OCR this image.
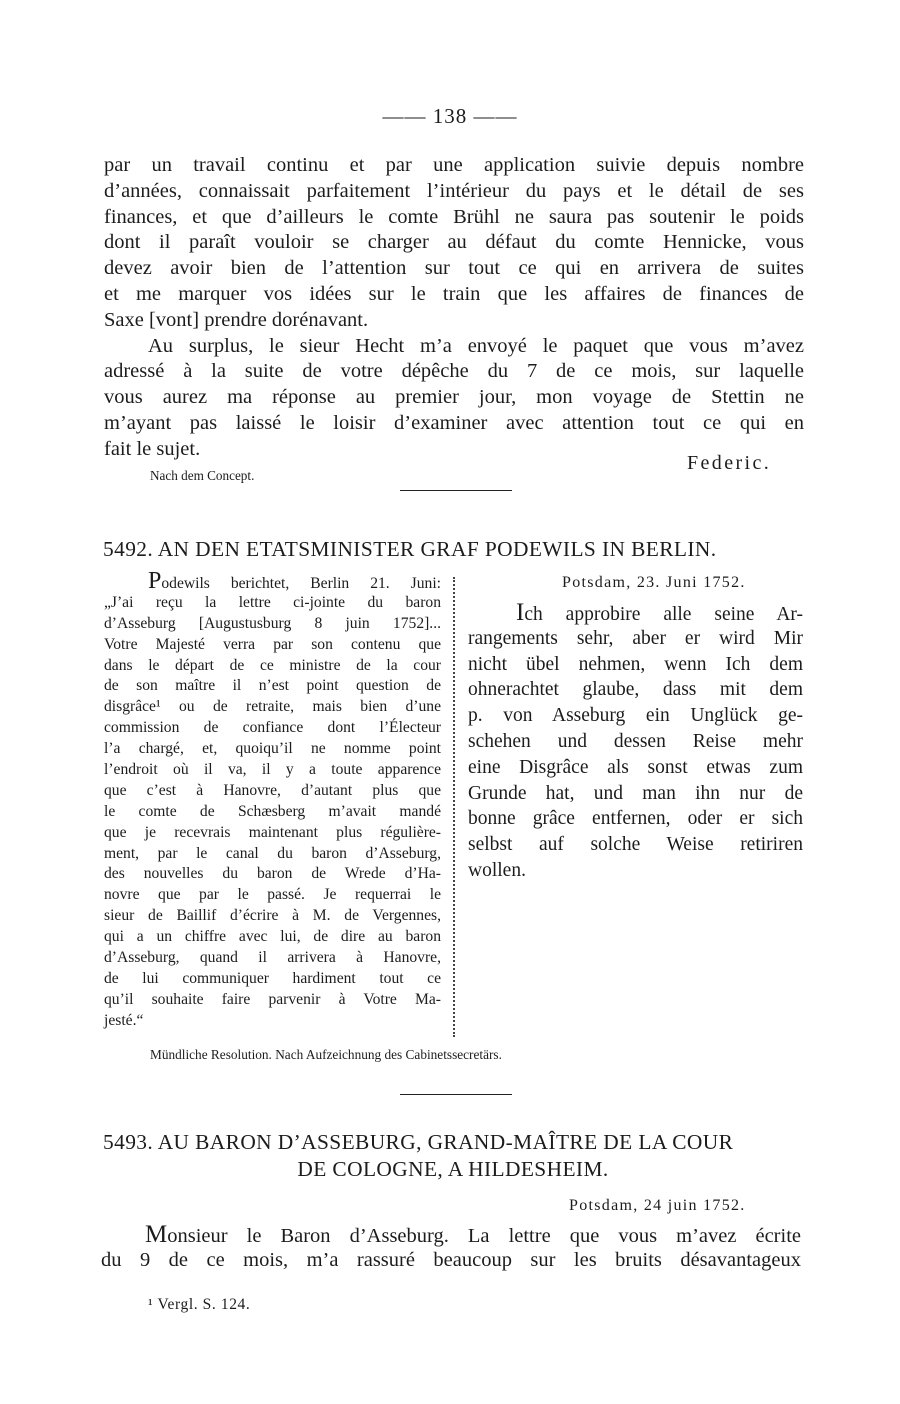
—— 138 ——
par un travail continu et par une application suivie depuis nombre
d’années, connaissait parfaitement l’intérieur du pays et le détail de ses
finances, et que d’ailleurs le comte Brühl ne saura pas soutenir le poids
dont il paraît vouloir se charger au défaut du comte Hennicke, vous
devez avoir bien de l’attention sur tout ce qui en arrivera de suites
et me marquer vos idées sur le train que les affaires de finances de
Saxe [vont] prendre dorénavant.
Au surplus, le sieur Hecht m’a envoyé le paquet que vous m’avez
adressé à la suite de votre dépêche du 7 de ce mois, sur laquelle
vous aurez ma réponse au premier jour, mon voyage de Stettin ne
m’ayant pas laissé le loisir d’examiner avec attention tout ce qui en
fait le sujet.
Federic.
Nach dem Concept.
5492. AN DEN ETATSMINISTER GRAF PODEWILS IN BERLIN.
Podewils berichtet, Berlin 21. Juni:
„J’ai reçu la lettre ci-jointe du baron
d’Asseburg [Augustusburg 8 juin 1752]...
Votre Majesté verra par son contenu que
dans le départ de ce ministre de la cour
de son maître il n’est point question de
disgrâce¹ ou de retraite, mais bien d’une
commission de confiance dont l’Électeur
l’a chargé, et, quoiqu’il ne nomme point
l’endroit où il va, il y a toute apparence
que c’est à Hanovre, d’autant plus que
le comte de Schæsberg m’avait mandé
que je recevrais maintenant plus régulière-
ment, par le canal du baron d’Asseburg,
des nouvelles du baron de Wrede d’Ha-
novre que par le passé. Je requerrai le
sieur de Baillif d’écrire à M. de Vergennes,
qui a un chiffre avec lui, de dire au baron
d’Asseburg, quand il arrivera à Hanovre,
de lui communiquer hardiment tout ce
qu’il souhaite faire parvenir à Votre Ma-
jesté.“
Potsdam, 23. Juni 1752.
Ich approbire alle seine Ar-
rangements sehr, aber er wird Mir
nicht übel nehmen, wenn Ich dem
ohnerachtet glaube, dass mit dem
p. von Asseburg ein Unglück ge-
schehen und dessen Reise mehr
eine Disgrâce als sonst etwas zum
Grunde hat, und man ihn nur de
bonne grâce entfernen, oder er sich
selbst auf solche Weise retiriren
wollen.
Mündliche Resolution. Nach Aufzeichnung des Cabinetssecretärs.
5493. AU BARON D’ASSEBURG, GRAND-MAÎTRE DE LA COUR
DE COLOGNE, A HILDESHEIM.
Potsdam, 24 juin 1752.
Monsieur le Baron d’Asseburg. La lettre que vous m’avez écrite
du 9 de ce mois, m’a rassuré beaucoup sur les bruits désavantageux
¹ Vergl. S. 124.
